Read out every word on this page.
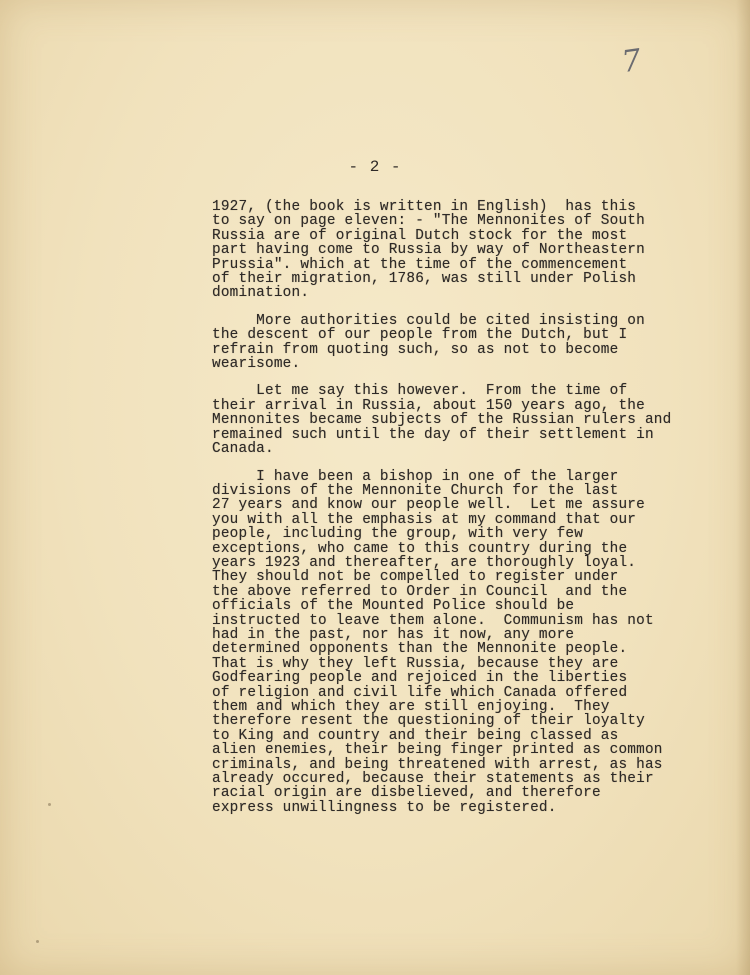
7
- 2 -
1927, (the book is written in English)  has this
to say on page eleven: - "The Mennonites of South
Russia are of original Dutch stock for the most
part having come to Russia by way of Northeastern
Prussia". which at the time of the commencement
of their migration, 1786, was still under Polish
domination.
More authorities could be cited insisting on
the descent of our people from the Dutch, but I
refrain from quoting such, so as not to become
wearisome.
Let me say this however.  From the time of
their arrival in Russia, about 150 years ago, the
Mennonites became subjects of the Russian rulers and
remained such until the day of their settlement in
Canada.
I have been a bishop in one of the larger
divisions of the Mennonite Church for the last
27 years and know our people well.  Let me assure
you with all the emphasis at my command that our
people, including the group, with very few
exceptions, who came to this country during the
years 1923 and thereafter, are thoroughly loyal.
They should not be compelled to register under
the above referred to Order in Council  and the
officials of the Mounted Police should be
instructed to leave them alone.  Communism has not
had in the past, nor has it now, any more
determined opponents than the Mennonite people.
That is why they left Russia, because they are
Godfearing people and rejoiced in the liberties
of religion and civil life which Canada offered
them and which they are still enjoying.  They
therefore resent the questioning of their loyalty
to King and country and their being classed as
alien enemies, their being finger printed as common
criminals, and being threatened with arrest, as has
already occured, because their statements as their
racial origin are disbelieved, and therefore
express unwillingness to be registered.
